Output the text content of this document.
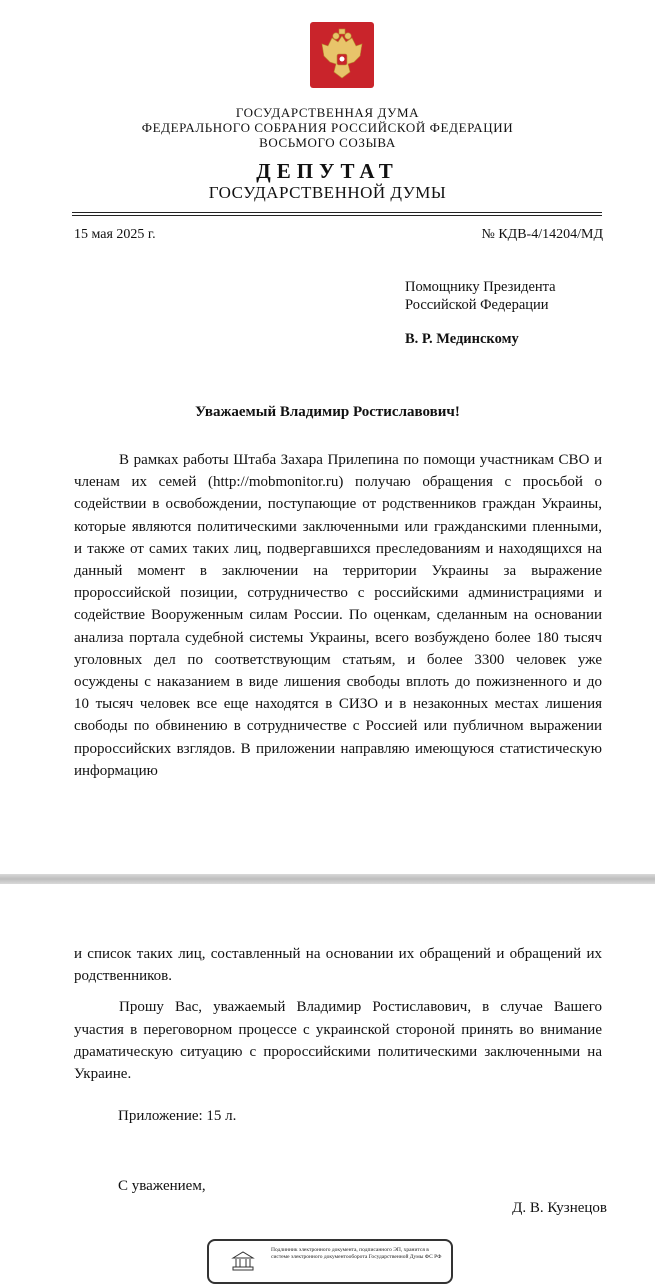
ГОСУДАРСТВЕННАЯ ДУМА
ФЕДЕРАЛЬНОГО СОБРАНИЯ РОССИЙСКОЙ ФЕДЕРАЦИИ
ВОСЬМОГО СОЗЫВА
ДЕПУТАТ
ГОСУДАРСТВЕННОЙ ДУМЫ
15 мая 2025 г.	№ КДВ-4/14204/МД
Помощнику Президента
Российской Федерации
В. Р. Мединскому
Уважаемый Владимир Ростиславович!

В рамках работы Штаба Захара Прилепина по помощи участникам СВО и членам их семей (http://mobmonitor.ru) получаю обращения с просьбой о содействии в освобождении, поступающие от родственников граждан Украины, которые являются политическими заключенными или гражданскими пленными, и также от самих таких лиц, подвергавшихся преследованиям и находящихся на данный момент в заключении на территории Украины за выражение пророссийской позиции, сотрудничество с российскими администрациями и содействие Вооруженным силам России. По оценкам, сделанным на основании анализа портала судебной системы Украины, всего возбуждено более 180 тысяч уголовных дел по соответствующим статьям, и более 3300 человек уже осуждены с наказанием в виде лишения свободы вплоть до пожизненного и до 10 тысяч человек все еще находятся в СИЗО и в незаконных местах лишения свободы по обвинению в сотрудничестве с Россией или публичном выражении пророссийских взглядов. В приложении направляю имеющуюся статистическую информацию

и список таких лиц, составленный на основании их обращений и обращений их родственников.

Прошу Вас, уважаемый Владимир Ростиславович, в случае Вашего участия в переговорном процессе с украинской стороной принять во внимание драматическую ситуацию с пророссийскими политическими заключенными на Украине.

Приложение: 15 л.
С уважением,
Д. В. Кузнецов
Подлинник электронного документа, подписанного ЭП, хранится в системе электронного документооборота Государственной Думы ФС РФ
